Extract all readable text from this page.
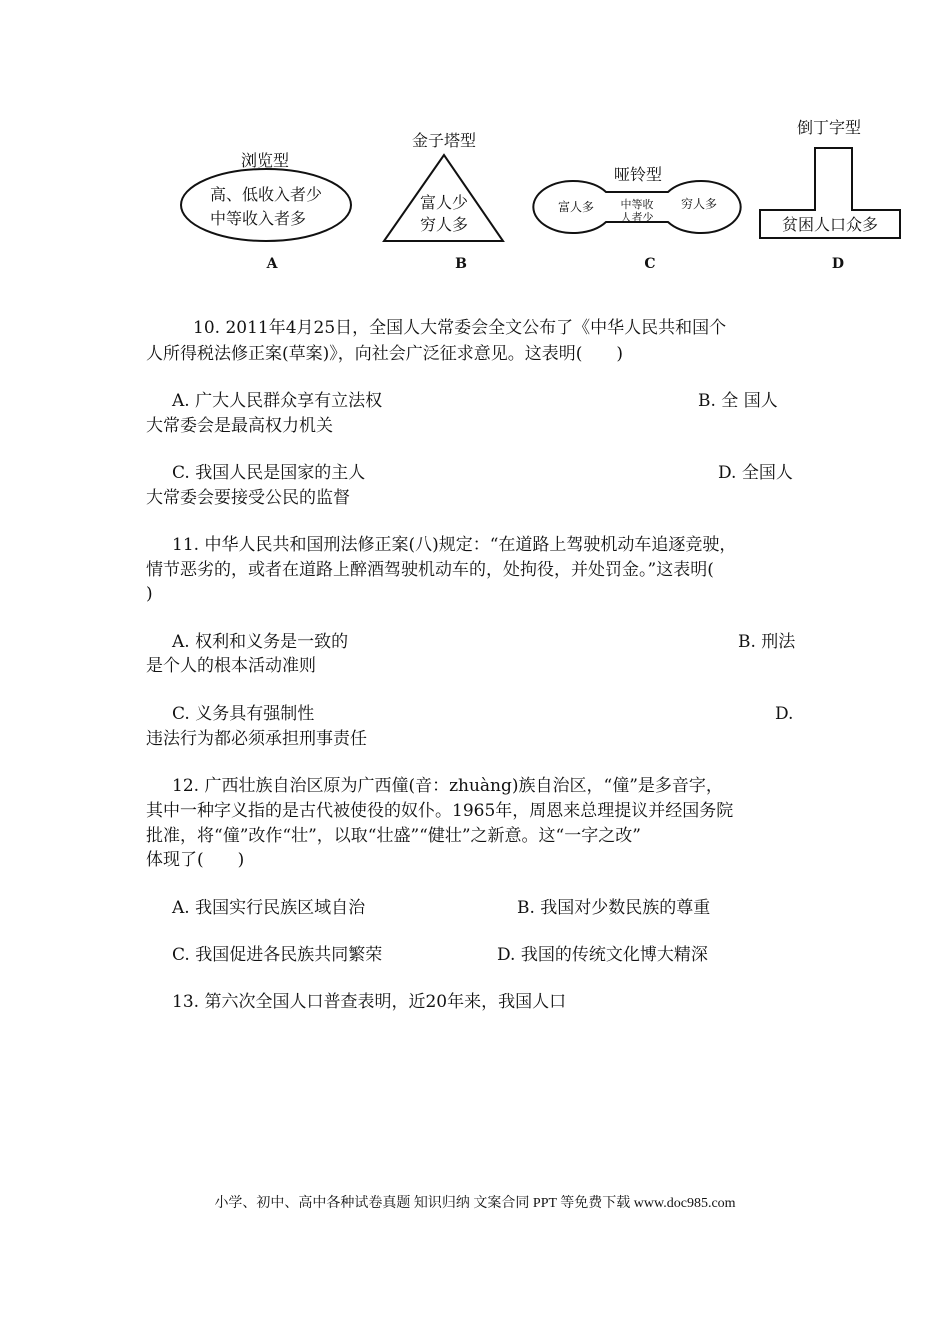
浏览型
高、低收入者少
中等收入者多
A
金子塔型
富人少
穷人多
B
哑铃型
富人多 中等收
人者少
穷人多
C
倒丁字型
贫困人口众多
D
10. 2011年4月25日，全国人大常委会全文公布了《中华人民共和国个
人所得税法修正案(草案)》，向社会广泛征求意见。这表明(　　)
A. 广大人民群众享有立法权	B. 全 国人
大常委会是最高权力机关
C. 我国人民是国家的主人	D. 全国人
大常委会要接受公民的监督
11. 中华人民共和国刑法修正案(八)规定：“在道路上驾驶机动车追逐竞驶，
情节恶劣的，或者在道路上醉酒驾驶机动车的，处拘役，并处罚金。”这表明(
)
A. 权利和义务是一致的	B. 刑法
是个人的根本活动准则
C. 义务具有强制性	D.
违法行为都必须承担刑事责任
12. 广西壮族自治区原为广西僮(音：zhuàng)族自治区，“僮”是多音字，
其中一种字义指的是古代被使役的奴仆。1965年，周恩来总理提议并经国务院
批准，将“僮”改作“壮”，以取“壮盛”“健壮”之新意。这“一字之改”
体现了(　　)
A. 我国实行民族区域自治	B. 我国对少数民族的尊重
C. 我国促进各民族共同繁荣	D. 我国的传统文化博大精深
13. 第六次全国人口普查表明，近20年来，我国人口
小学、初中、高中各种试卷真题 知识归纳 文案合同 PPT 等免费下载 www.doc985.com
